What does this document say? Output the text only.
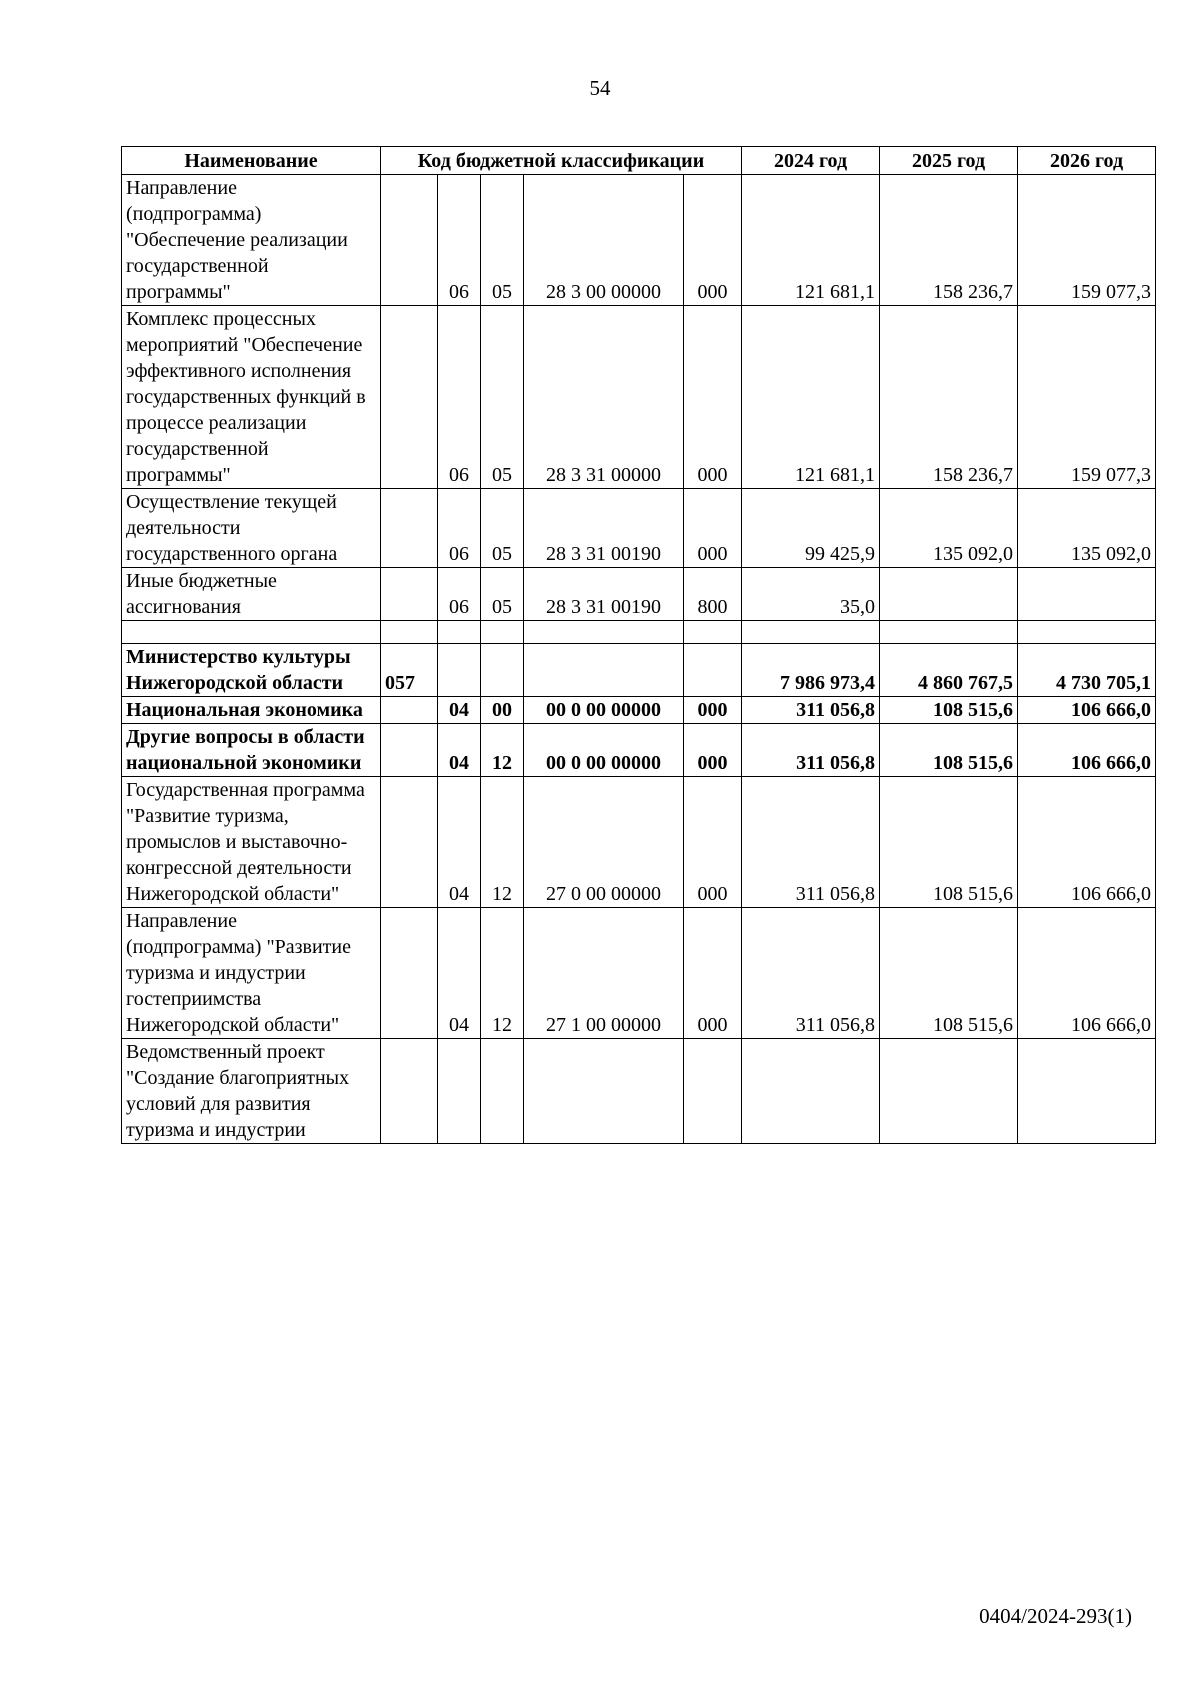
54
Наименование	Код бюджетной классификации					2024 год	2025 год	2026 год
Направление (подпрограмма) "Обеспечение реализации государственной программы"		06	05	28 3 00 00000	000	121 681,1	158 236,7	159 077,3
Комплекс процессных мероприятий "Обеспечение эффективного исполнения государственных функций в процессе реализации государственной программы"		06	05	28 3 31 00000	000	121 681,1	158 236,7	159 077,3
Осуществление текущей деятельности государственного органа		06	05	28 3 31 00190	000	99 425,9	135 092,0	135 092,0
Иные бюджетные ассигнования		06	05	28 3 31 00190	800	35,0		

Министерство культуры Нижегородской области	057					7 986 973,4	4 860 767,5	4 730 705,1
Национальная экономика		04	00	00 0 00 00000	000	311 056,8	108 515,6	106 666,0
Другие вопросы в области национальной экономики		04	12	00 0 00 00000	000	311 056,8	108 515,6	106 666,0
Государственная программа "Развитие туризма, промыслов и выставочно-конгрессной деятельности Нижегородской области"		04	12	27 0 00 00000	000	311 056,8	108 515,6	106 666,0
Направление (подпрограмма) "Развитие туризма и индустрии гостеприимства Нижегородской области"		04	12	27 1 00 00000	000	311 056,8	108 515,6	106 666,0
Ведомственный проект "Создание благоприятных условий для развития туризма и индустрии								
0404/2024-293(1)
